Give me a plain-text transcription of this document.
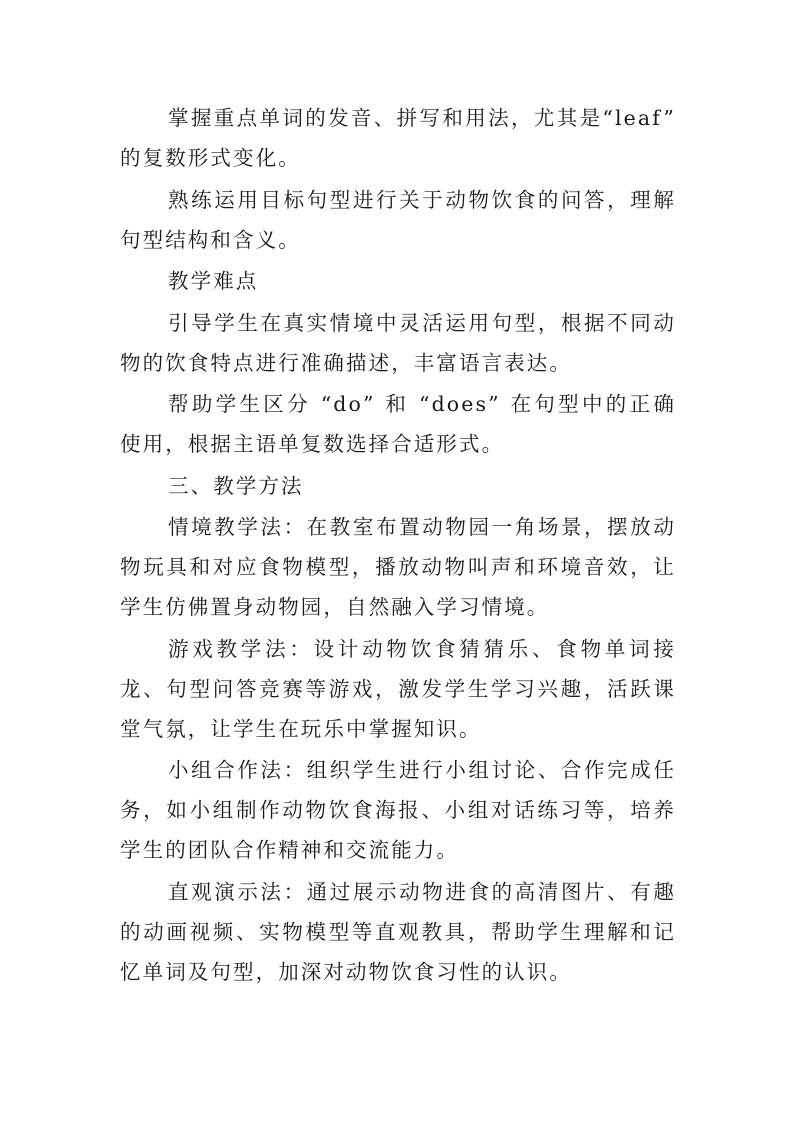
掌握重点单词的发音、拼写和用法，尤其是“leaf” 的复数形式变化。

熟练运用目标句型进行关于动物饮食的问答，理解句型结构和含义。

教学难点

引导学生在真实情境中灵活运用句型，根据不同动物的饮食特点进行准确描述，丰富语言表达。

帮助学生区分 “do” 和 “does” 在句型中的正确使用，根据主语单复数选择合适形式。

三、教学方法

情境教学法：在教室布置动物园一角场景，摆放动物玩具和对应食物模型，播放动物叫声和环境音效，让学生仿佛置身动物园，自然融入学习情境。

游戏教学法：设计动物饮食猜猜乐、食物单词接龙、句型问答竞赛等游戏，激发学生学习兴趣，活跃课堂气氛，让学生在玩乐中掌握知识。

小组合作法：组织学生进行小组讨论、合作完成任务，如小组制作动物饮食海报、小组对话练习等，培养学生的团队合作精神和交流能力。

直观演示法：通过展示动物进食的高清图片、有趣的动画视频、实物模型等直观教具，帮助学生理解和记忆单词及句型，加深对动物饮食习性的认识。
